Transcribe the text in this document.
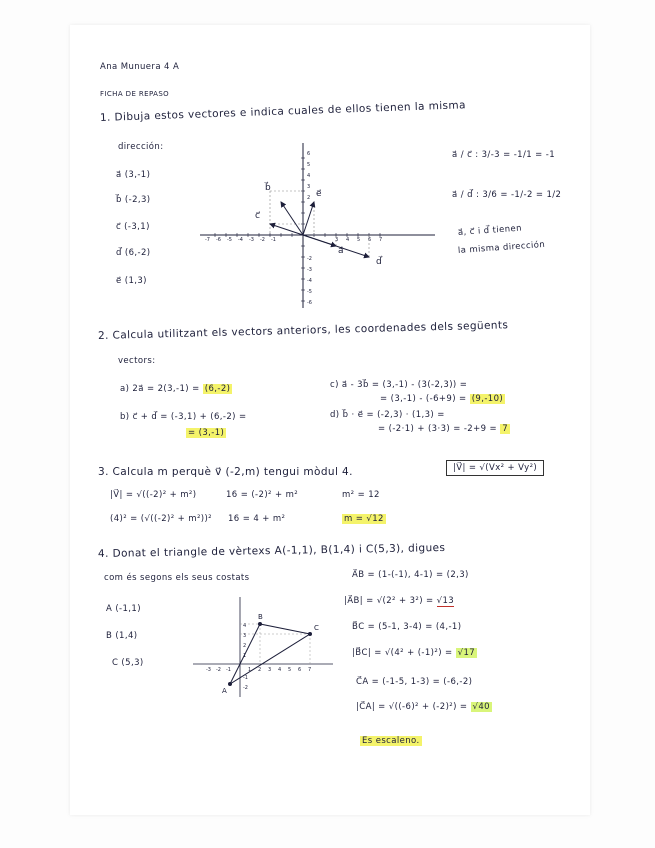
Ana Munuera 4 A
FICHA DE REPASO
1. Dibuja estos vectores e indica cuales de ellos tienen la misma
dirección:
a⃗ (3,-1)
b⃗ (-2,3)
c⃗ (-3,1)
d⃗ (6,-2)
e⃗ (1,3)
-7 -6 -5 -4 -3 -2 -1	3 4 5 6 7
6
5
4
3
2
-2
-3
-4
-5
-6
a⃗
b⃗
c⃗
d⃗
e⃗
a⃗ / c⃗ : 3/-3 = -1/1 = -1
a⃗ / d⃗ : 3/6 = -1/-2 = 1/2
a⃗, c⃗ i d⃗ tienen
la misma dirección
2. Calcula utilitzant els vectors anteriors, les coordenades dels següents
vectors:
a) 2a⃗ = 2(3,-1) = (6,-2)
b) c⃗ + d⃗ = (-3,1) + (6,-2) =
= (3,-1)
c) a⃗ - 3b⃗ = (3,-1) - (3(-2,3)) =
= (3,-1) - (-6+9) = (9,-10)
d) b⃗ · e⃗ = (-2,3) · (1,3) =
= (-2·1) + (3·3) = -2+9 = 7
3. Calcula m perquè v⃗ (-2,m) tengui mòdul 4.	|V⃗| = √(Vx² + Vy²)
|V⃗| = √((-2)² + m²)	16 = (-2)² + m²	m² = 12
(4)² = (√((-2)² + m²))² 16 = 4 + m²	m = √12
4. Donat el triangle de vèrtexs A(-1,1), B(1,4) i C(5,3), digues
com és segons els seus costats
A (-1,1)
B (1,4)
C (5,3)
-3 -2 -1	1 2 3 4 5 6 7
1
2
3
4
-1
-2
A
B
C
A⃗B = (1-(-1), 4-1) = (2,3)
|A⃗B| = √(2² + 3²) = √13
B⃗C = (5-1, 3-4) = (4,-1)
|B⃗C| = √(4² + (-1)²) = √17
C⃗A = (-1-5, 1-3) = (-6,-2)
|C⃗A| = √((-6)² + (-2)²) = √40
Es escaleno.
